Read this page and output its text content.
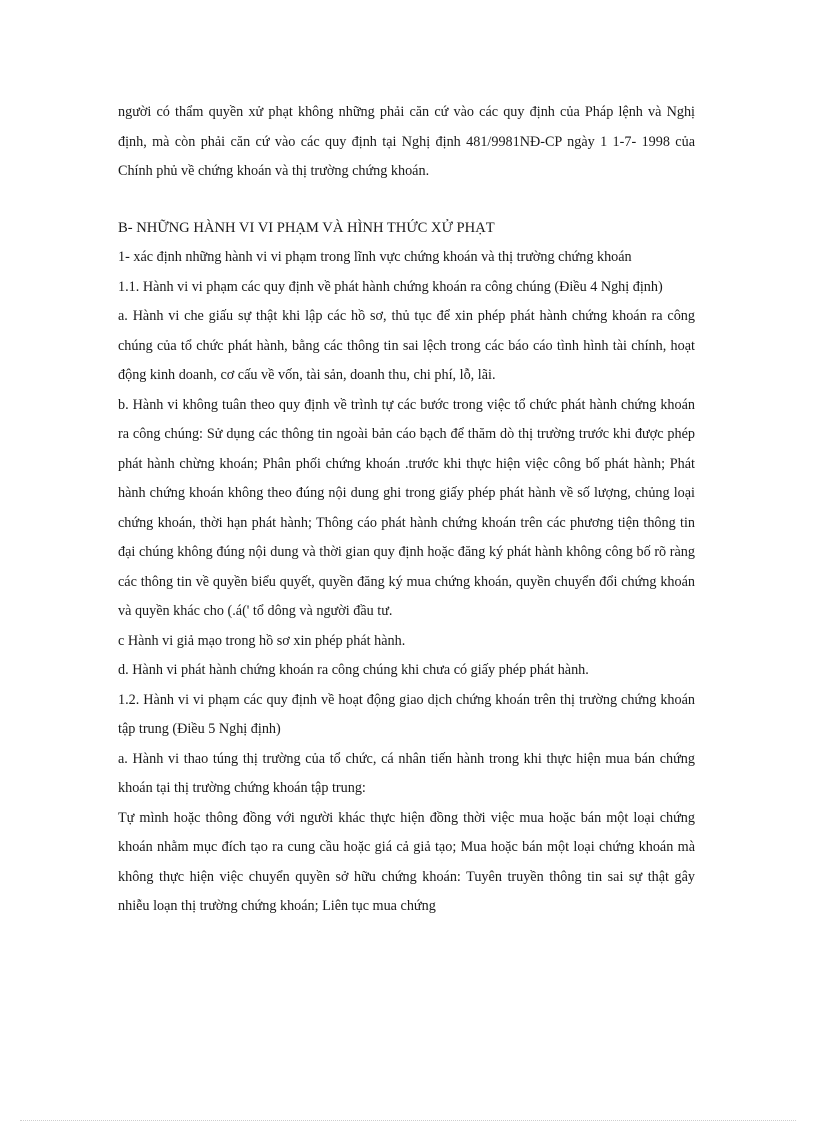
người có thẩm quyền xử phạt không những phải căn cứ vào các quy định của Pháp lệnh và Nghị định, mà còn phải căn cứ vào các quy định tại Nghị định 481/9981NĐ-CP ngày 1 1-7- 1998 của Chính phủ về chứng khoán và thị trường chứng khoán.

B- NHỮNG HÀNH VI VI PHẠM VÀ HÌNH THỨC XỬ PHẠT

1- xác định những hành vi vi phạm trong lĩnh vực chứng khoán và thị trường chứng khoán

1.1. Hành vi vi phạm các quy định về phát hành chứng khoán ra công chúng (Điều 4 Nghị định)

a. Hành vi che giấu sự thật khi lập các hồ sơ, thủ tục để xin phép phát hành chứng khoán ra công chúng của tổ chức phát hành, bằng các thông tin sai lệch trong các báo cáo tình hình tài chính, hoạt động kinh doanh, cơ cấu về vốn, tài sản, doanh thu, chi phí, lỗ, lãi.

b. Hành vi không tuân theo quy định về trình tự các bước trong việc tổ chức phát hành chứng khoán ra công chúng: Sử dụng các thông tin ngoài bản cáo bạch để thăm dò thị trường trước khi được phép phát hành chừng khoán; Phân phối chứng khoán .trước khi thực hiện việc công bố phát hành; Phát hành chứng khoán không theo đúng nội dung ghi trong giấy phép phát hành về số lượng, chủng loại chứng khoán, thời hạn phát hành; Thông cáo phát hành chứng khoán trên các phương tiện thông tin đại chúng không đúng nội dung và thời gian quy định hoặc đăng ký phát hành không công bố rõ ràng các thông tin về quyền biểu quyết, quyền đăng ký mua chứng khoán, quyền chuyển đổi chứng khoán và quyền khác cho (.á(' tổ dông và người đầu tư.

c Hành vi giả mạo trong hồ sơ xin phép phát hành.

d. Hành vi phát hành chứng khoán ra công chúng khi chưa có giấy phép phát hành.

1.2. Hành vi vi phạm các quy định về hoạt động giao dịch chứng khoán trên thị trường chứng khoán tập trung (Điều 5 Nghị định)

a. Hành vi thao túng thị trường của tổ chức, cá nhân tiến hành trong khi thực hiện mua bán chứng khoán tại thị trường chứng khoán tập trung:

Tự mình hoặc thông đồng với người khác thực hiện đồng thời việc mua hoặc bán một loại chứng khoán nhằm mục đích tạo ra cung cầu hoặc giá cả giả tạo; Mua hoặc bán một loại chứng khoán mà không thực hiện việc chuyển quyền sở hữu chứng khoán: Tuyên truyền thông tin sai sự thật gây nhiễu loạn thị trường chứng khoán; Liên tục mua chứng
